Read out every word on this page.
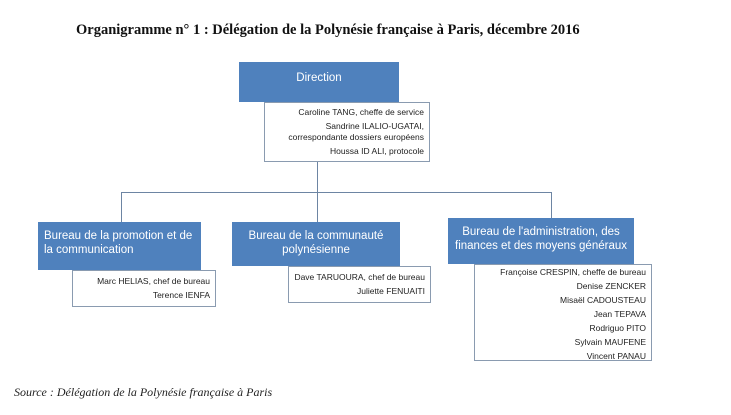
Organigramme n° 1 : Délégation de la Polynésie française à Paris, décembre 2016
Direction
Caroline TANG, cheffe de service
Sandrine ILALIO-UGATAI,
correspondante dossiers européens
Houssa ID ALI, protocole
Bureau de la promotion et de
la communication
Marc HELIAS, chef de bureau
Terence IENFA
Bureau de la communauté
polynésienne
Dave TARUOURA, chef de bureau
Juliette FENUAITI
Bureau de l'administration, des
finances et des moyens généraux
Françoise CRESPIN, cheffe de bureau
Denise ZENCKER
Misaël CADOUSTEAU
Jean TEPAVA
Rodriguo PITO
Sylvain MAUFENE
Vincent PANAU
Source : Délégation de la Polynésie française à Paris
